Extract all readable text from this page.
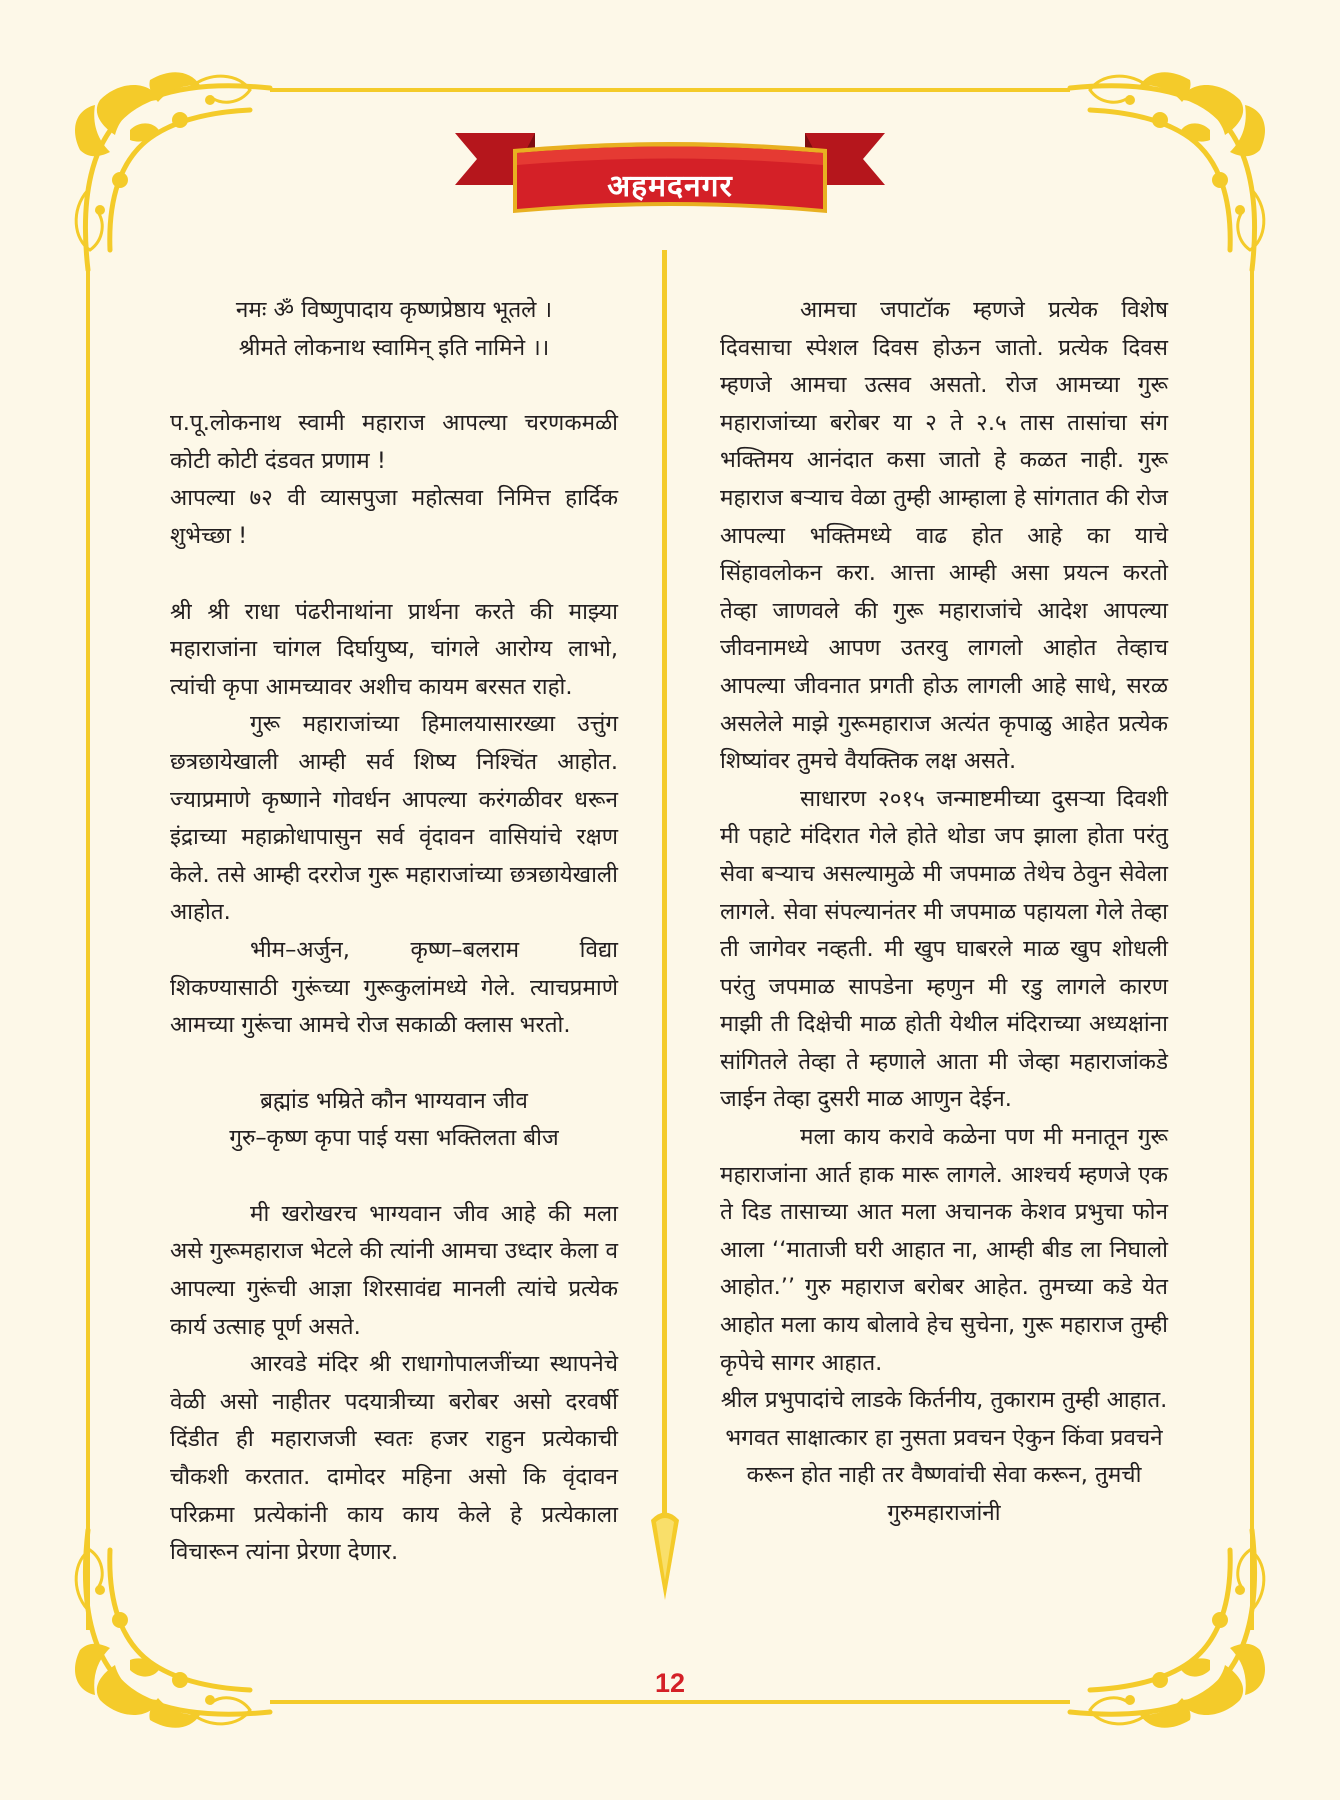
अहमदनगर

नमः ॐ विष्णुपादाय कृष्णप्रेष्ठाय भूतले ।

श्रीमते लोकनाथ स्वामिन् इति नामिने ।।

प.पू.लोकनाथ स्वामी महाराज आपल्या चरणकमळी कोटी कोटी दंडवत प्रणाम !

आपल्या ७२ वी व्यासपुजा महोत्सवा निमित्त हार्दिक शुभेच्छा !

श्री श्री राधा पंढरीनाथांना प्रार्थना करते की माझ्या महाराजांना चांगल दिर्घायुष्य, चांगले आरोग्य लाभो, त्यांची कृपा आमच्यावर अशीच कायम बरसत राहो.

गुरू महाराजांच्या हिमालयासारख्या उत्तुंग छत्रछायेखाली आम्ही सर्व शिष्य निश्चिंत आहोत. ज्याप्रमाणे कृष्णाने गोवर्धन आपल्या करंगळीवर धरून इंद्राच्या महाक्रोधापासुन सर्व वृंदावन वासियांचे रक्षण केले. तसे आम्ही दररोज गुरू महाराजांच्या छत्रछायेखाली आहोत.

भीम–अर्जुन, कृष्ण–बलराम विद्या शिकण्यासाठी गुरूंच्या गुरूकुलांमध्ये गेले. त्याचप्रमाणे आमच्या गुरूंचा आमचे रोज सकाळी क्लास भरतो.

ब्रह्मांड भम्रिते कौन भाग्यवान जीव

गुरु–कृष्ण कृपा पाई यसा भक्तिलता बीज

मी खरोखरच भाग्यवान जीव आहे की मला असे गुरूमहाराज भेटले की त्यांनी आमचा उध्दार केला व आपल्या गुरूंची आज्ञा शिरसावंद्य मानली त्यांचे प्रत्येक कार्य उत्साह पूर्ण असते.

आरवडे मंदिर श्री राधागोपालजींच्या स्थापनेचे वेळी असो नाहीतर पदयात्रीच्या बरोबर असो दरवर्षी दिंडीत ही महाराजजी स्वतः हजर राहुन प्रत्येकाची चौकशी करतात. दामोदर महिना असो कि वृंदावन परिक्रमा प्रत्येकांनी काय काय केले हे प्रत्येकाला विचारून त्यांना प्रेरणा देणार.

आमचा जपाटॉक म्हणजे प्रत्येक विशेष दिवसाचा स्पेशल दिवस होऊन जातो. प्रत्येक दिवस म्हणजे आमचा उत्सव असतो. रोज आमच्या गुरू महाराजांच्या बरोबर या २ ते २.५ तास तासांचा संग भक्तिमय आनंदात कसा जातो हे कळत नाही. गुरू महाराज बऱ्याच वेळा तुम्ही आम्हाला हे सांगतात की रोज आपल्या भक्तिमध्ये वाढ होत आहे का याचे सिंहावलोकन करा. आत्ता आम्ही असा प्रयत्न करतो तेव्हा जाणवले की गुरू महाराजांचे आदेश आपल्या जीवनामध्ये आपण उतरवु लागलो आहोत तेव्हाच आपल्या जीवनात प्रगती होऊ लागली आहे साधे, सरळ असलेले माझे गुरूमहाराज अत्यंत कृपाळु आहेत प्रत्येक शिष्यांवर तुमचे वैयक्तिक लक्ष असते.

साधारण २०१५ जन्माष्टमीच्या दुसऱ्या दिवशी मी पहाटे मंदिरात गेले होते थोडा जप झाला होता परंतु सेवा बऱ्याच असल्यामुळे मी जपमाळ तेथेच ठेवुन सेवेला लागले. सेवा संपल्यानंतर मी जपमाळ पहायला गेले तेव्हा ती जागेवर नव्हती. मी खुप घाबरले माळ खुप शोधली परंतु जपमाळ सापडेना म्हणुन मी रडु लागले कारण माझी ती दिक्षेची माळ होती येथील मंदिराच्या अध्यक्षांना सांगितले तेव्हा ते म्हणाले आता मी जेव्हा महाराजांकडे जाईन तेव्हा दुसरी माळ आणुन देईन.

मला काय करावे कळेना पण मी मनातून गुरू महाराजांना आर्त हाक मारू लागले. आश्चर्य म्हणजे एक ते दिड तासाच्या आत मला अचानक केशव प्रभुचा फोन आला ‘‘माताजी घरी आहात ना, आम्ही बीड ला निघालो आहोत.’’ गुरु महाराज बरोबर आहेत. तुमच्या कडे येत आहोत मला काय बोलावे हेच सुचेना, गुरू महाराज तुम्ही कृपेचे सागर आहात.

श्रील प्रभुपादांचे लाडके किर्तनीय, तुकाराम तुम्ही आहात. भगवत साक्षात्कार हा नुसता प्रवचन ऐकुन किंवा प्रवचने करून होत नाही तर वैष्णवांची सेवा करून, तुमची गुरुमहाराजांनी

12
